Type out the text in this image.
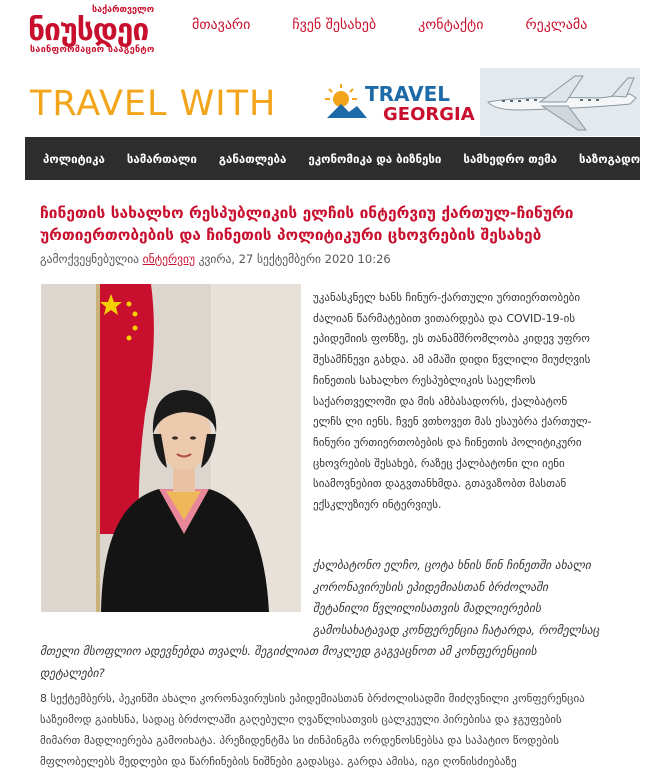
საქართველო
ნიუსდეი
საინფორმაციო სააგენტო
მთავარი	ჩვენ შესახებ	კონტაქტი	რეკლამა
TRAVEL WITH	TRAVEL
GEORGIA
პოლიტიკა სამართალი განათლება ეკონომიკა და ბიზნესი სამხედრო თემა საზოგადოება
ჩინეთის სახალხო რესპუბლიკის ელჩის ინტერვიუ ქართულ-ჩინური
ურთიერთობების და ჩინეთის პოლიტიკური ცხოვრების შესახებ
გამოქვეყნებულია ინტერვიუ კვირა, 27 სექტემბერი 2020 10:26
უკანასკნელ ხანს ჩინურ-ქართული ურთიერთობები
ძალიან წარმატებით ვითარდება და COVID-19-ის
ეპიდემიის ფონზე, ეს თანამშრომლობა კიდევ უფრო
შესამჩნევი გახდა. ამ ამაში დიდი წვლილი მიუძღვის
ჩინეთის სახალხო რესპუბლიკის საელჩოს
საქართველოში და მის ამბასადორს, ქალბატონ
ელჩს ლი იენს. ჩვენ ვთხოვეთ მას ესაუბრა ქართულ-
ჩინური ურთიერთობების და ჩინეთის პოლიტიკური
ცხოვრების შესახებ, რაზეც ქალბატონი ლი იენი
სიამოვნებით დაგვთანხმდა. გთავაზობთ მასთან
ექსკლუზიურ ინტერვიუს.
ქალბატონო ელჩო, ცოტა ხნის წინ ჩინეთში ახალი
კორონავირუსის ეპიდემიასთან ბრძოლაში
შეტანილი წვლილისათვის მადლიერების
გამოსახატავად კონფერენცია ჩატარდა, რომელსაც
მთელი მსოფლიო ადევნებდა თვალს. შეგიძლიათ მოკლედ გაგვაცნოთ ამ კონფერენციის
დეტალები?
8 სექტემბერს, პეკინში ახალი კორონავირუსის ეპიდემიასთან ბრძოლისადმი მიძღვნილი კონფერენცია
საზეიმოდ გაიხსნა, სადაც ბრძოლაში გაღებული ღვაწლისათვის ცალკეული პირებისა და ჯგუფების
მიმართ მადლიერება გამოიხატა. პრეზიდენტმა სი ძინპინგმა ორდენოსნებსა და საპატიო წოდების
მფლობელებს მედლები და წარჩინების ნიშნები გადასცა. გარდა ამისა, იგი ღონისძიებაზე
